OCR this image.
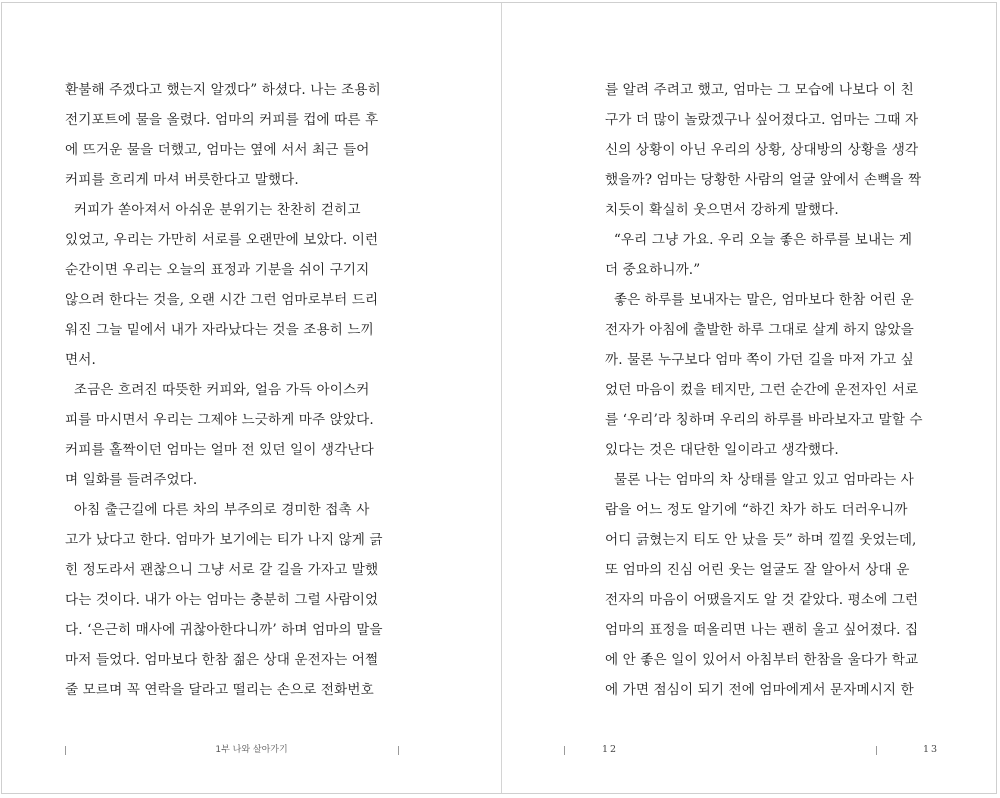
환불해 주겠다고 했는지 알겠다” 하셨다. 나는 조용히
전기포트에 물을 올렸다. 엄마의 커피를 컵에 따른 후
에 뜨거운 물을 더했고, 엄마는 옆에 서서 최근 들어
커피를 흐리게 마셔 버릇한다고 말했다.
커피가 쏟아져서 아쉬운 분위기는 찬찬히 걷히고
있었고, 우리는 가만히 서로를 오랜만에 보았다. 이런
순간이면 우리는 오늘의 표정과 기분을 쉬이 구기지
않으려 한다는 것을, 오랜 시간 그런 엄마로부터 드리
워진 그늘 밑에서 내가 자라났다는 것을 조용히 느끼
면서.
조금은 흐려진 따뜻한 커피와, 얼음 가득 아이스커
피를 마시면서 우리는 그제야 느긋하게 마주 앉았다.
커피를 홀짝이던 엄마는 얼마 전 있던 일이 생각난다
며 일화를 들려주었다.
아침 출근길에 다른 차의 부주의로 경미한 접촉 사
고가 났다고 한다. 엄마가 보기에는 티가 나지 않게 긁
힌 정도라서 괜찮으니 그냥 서로 갈 길을 가자고 말했
다는 것이다. 내가 아는 엄마는 충분히 그럴 사람이었
다. ‘은근히 매사에 귀찮아한다니까’ 하며 엄마의 말을
마저 들었다. 엄마보다 한참 젊은 상대 운전자는 어쩔
줄 모르며 꼭 연락을 달라고 떨리는 손으로 전화번호
1부 나와 살아가기
를 알려 주려고 했고, 엄마는 그 모습에 나보다 이 친
구가 더 많이 놀랐겠구나 싶어졌다고. 엄마는 그때 자
신의 상황이 아닌 우리의 상황, 상대방의 상황을 생각
했을까? 엄마는 당황한 사람의 얼굴 앞에서 손뼉을 짝
치듯이 확실히 웃으면서 강하게 말했다.
“우리 그냥 가요. 우리 오늘 좋은 하루를 보내는 게
더 중요하니까.”
좋은 하루를 보내자는 말은, 엄마보다 한참 어린 운
전자가 아침에 출발한 하루 그대로 살게 하지 않았을
까. 물론 누구보다 엄마 쪽이 가던 길을 마저 가고 싶
었던 마음이 컸을 테지만, 그런 순간에 운전자인 서로
를 ‘우리’라 칭하며 우리의 하루를 바라보자고 말할 수
있다는 것은 대단한 일이라고 생각했다.
물론 나는 엄마의 차 상태를 알고 있고 엄마라는 사
람을 어느 정도 알기에 “하긴 차가 하도 더러우니까
어디 긁혔는지 티도 안 났을 듯” 하며 낄낄 웃었는데,
또 엄마의 진심 어린 웃는 얼굴도 잘 알아서 상대 운
전자의 마음이 어땠을지도 알 것 같았다. 평소에 그런
엄마의 표정을 떠올리면 나는 괜히 울고 싶어졌다. 집
에 안 좋은 일이 있어서 아침부터 한참을 울다가 학교
에 가면 점심이 되기 전에 엄마에게서 문자메시지 한
12	13
